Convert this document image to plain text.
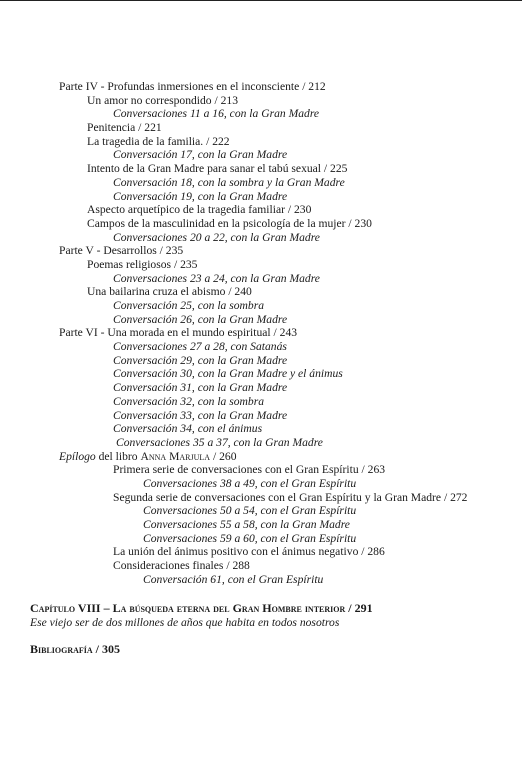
Parte IV - Profundas inmersiones en el inconsciente / 212
Un amor no correspondido / 213
Conversaciones 11 a 16, con la Gran Madre
Penitencia / 221
La tragedia de la familia. / 222
Conversación 17, con la Gran Madre
Intento de la Gran Madre para sanar el tabú sexual / 225
Conversación 18, con la sombra y la Gran Madre
Conversación 19, con la Gran Madre
Aspecto arquetípico de la tragedia familiar / 230
Campos de la masculinidad en la psicología de la mujer / 230
Conversaciones 20 a 22, con la Gran Madre
Parte V - Desarrollos / 235
Poemas religiosos / 235
Conversaciones 23 a 24, con la Gran Madre
Una bailarina cruza el abismo / 240
Conversación 25, con la sombra
Conversación 26, con la Gran Madre
Parte VI - Una morada en el mundo espiritual / 243
Conversaciones 27 a 28, con Satanás
Conversación 29, con la Gran Madre
Conversación 30, con la Gran Madre y el ánimus
Conversación 31, con la Gran Madre
Conversación 32, con la sombra
Conversación 33, con la Gran Madre
Conversación 34, con el ánimus
Conversaciones 35 a 37, con la Gran Madre
Epílogo del libro Anna Marjula / 260
Primera serie de conversaciones con el Gran Espíritu / 263
Conversaciones 38 a 49, con el Gran Espíritu
Segunda serie de conversaciones con el Gran Espíritu y la Gran Madre / 272
Conversaciones 50 a 54, con el Gran Espíritu
Conversaciones 55 a 58, con la Gran Madre
Conversaciones 59 a 60, con el Gran Espíritu
La unión del ánimus positivo con el ánimus negativo / 286
Consideraciones finales / 288
Conversación 61, con el Gran Espíritu
Capítulo VIII – La búsqueda eterna del Gran Hombre interior / 291
Ese viejo ser de dos millones de años que habita en todos nosotros
Bibliografía / 305
